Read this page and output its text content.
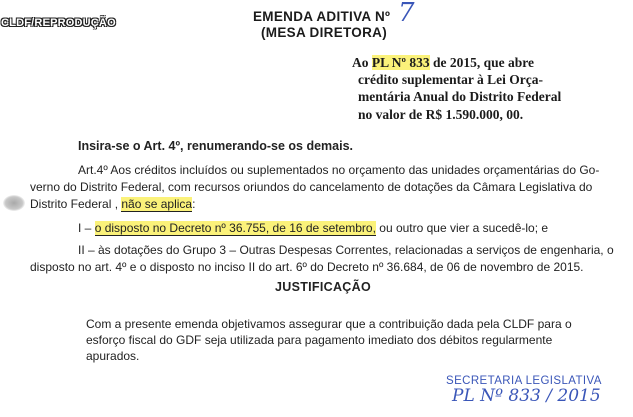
CLDF/REPRODUÇÃO	EMENDA ADITIVA Nº 7
(MESA DIRETORA)
Ao PL Nº 833 de 2015, que abre
crédito suplementar à Lei Orça-
mentária Anual do Distrito Federal
no valor de R$ 1.590.000, 00.
Insira-se o Art. 4º, renumerando-se os demais.
Art.4º Aos créditos incluídos ou suplementados no orçamento das unidades orçamentárias do Go-
verno do Distrito Federal, com recursos oriundos do cancelamento de dotações da Câmara Legislativa do
Distrito Federal , não se aplica:
I – o disposto no Decreto nº 36.755, de 16 de setembro, ou outro que vier a sucedê-lo; e
II – às dotações do Grupo 3 – Outras Despesas Correntes, relacionadas a serviços de engenharia, o
disposto no art. 4º e o disposto no inciso II do art. 6º do Decreto nº 36.684, de 06 de novembro de 2015.
JUSTIFICAÇÃO
Com a presente emenda objetivamos assegurar que a contribuição dada pela CLDF para o
esforço fiscal do GDF seja utilizada para pagamento imediato dos débitos regularmente
apurados.
SECRETARIA LEGISLATIVA
PL Nº 833 / 2015
